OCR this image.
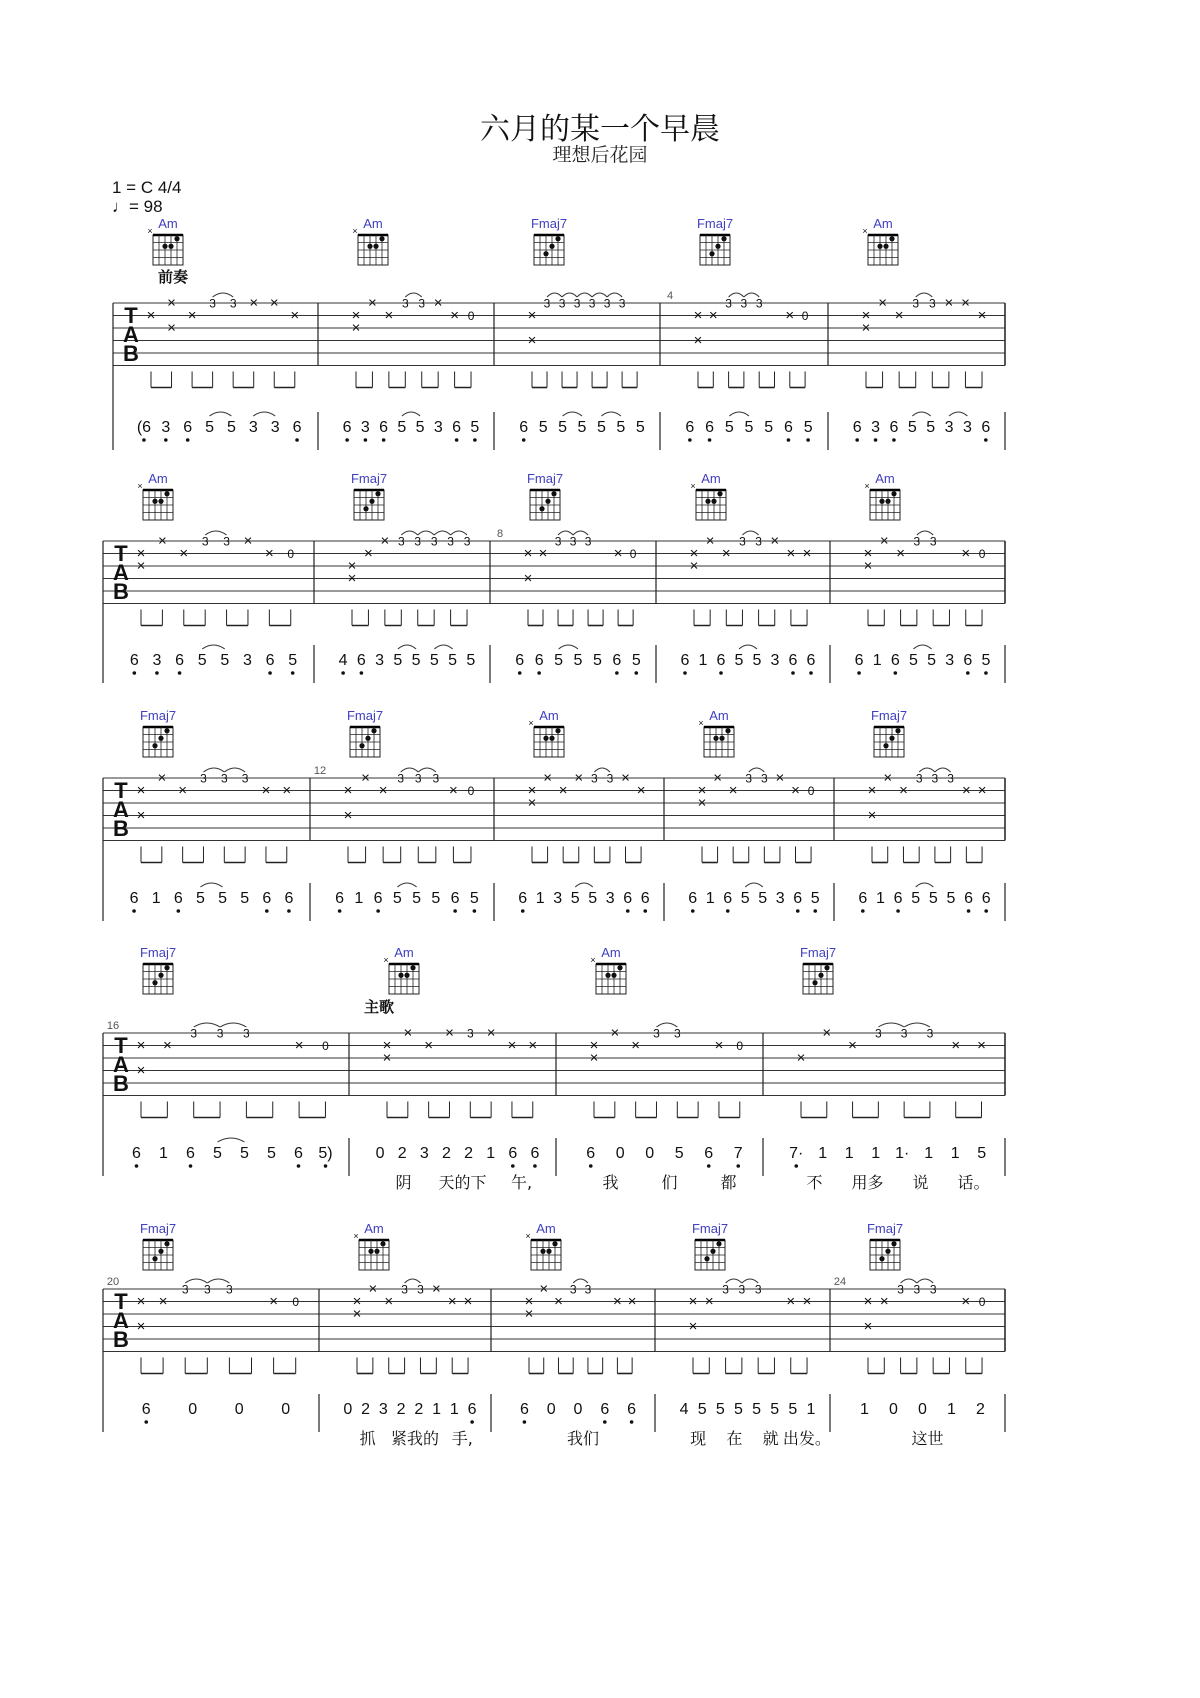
六月的某一个早晨
理想后花园
1 = C 4/4
♩= 98
T
A
B
前奏
Am
×
×
×
×
×
3 3 × ×
×
(6 3 6 5 5 3 3 6
Am
×
×
×
×
×
3 3 ×
× 0
6 3 6 5 5 3 6 5
Fmaj7
×
×
3 3 3 3 3 3
6 5 5 5 5 5 5
4
Fmaj7
×
×
×
3 3 3
× 0
6 6 5 5 5 6 5
Am
×
×
×
×
×
3 3 × ×
×
6 3 6 5 5 3 3 6
T
A
B
Am
×
×
×
×
×
3 3 ×
× 0
6 3 6 5 5 3 6 5
Fmaj7
×
×
×
× 3 3 3 3 3
4 6 3 5 5 5 5 5
8
Fmaj7
×
×
×
3 3 3
× 0
6 6 5 5 5 6 5
Am
×
×
×
×
×
3 3 ×
× ×
6 1 6 5 5 3 6 6
Am
×
×
×
×
×
3 3
× 0
6 1 6 5 5 3 6 5
T
A
B
Fmaj7
×
×
×
×
3 3 3
× ×
6 1 6 5 5 5 6 6
12
Fmaj7
×
×
×
×
3 3 3
× 0
6 1 6 5 5 5 6 5
Am
×
×
×
×
×
× 3 3 ×
×
6 1 3 5 5 3 6 6
Am
×
×
×
×
×
3 3 ×
× 0
6 1 6 5 5 3 6 5
Fmaj7
×
×
×
×
3 3 3
× ×
6 1 6 5 5 5 6 6
T
A
B
主歌
16
Fmaj7
×
×
×
3 3 3
× 0
6 1 6 5 5 5 6 5)
Am
×
×
×
×
×
× 3 ×
× ×
0 2 3 2 2 1 6 6
阴 天的下 午,
Am
×
×
×
×
×
3 3
× 0
6 0 0 5 6 7
我	们	都
Fmaj7
×
×
×
3 3 3
× ×
7· 1 1 1 1· 1 1 5
不 用多 说 话。
T
A
B
20
Fmaj7
×
×
×
3 3 3
× 0
6 0 0 0
Am
×
×
×
×
×
3 3 ×
× ×
0 2 3 2 2 1 1 6
抓 紧我的 手,
Am
×
×
×
×
×
3 3
× ×
6 0 0 6 6
我们
Fmaj7
×
×
×
3 3 3
× ×
4 5 5 5 5 5 5 1
现 在 就 出发。
24
Fmaj7
×
×
×
3 3 3
× 0
1 0 0 1 2
这世
